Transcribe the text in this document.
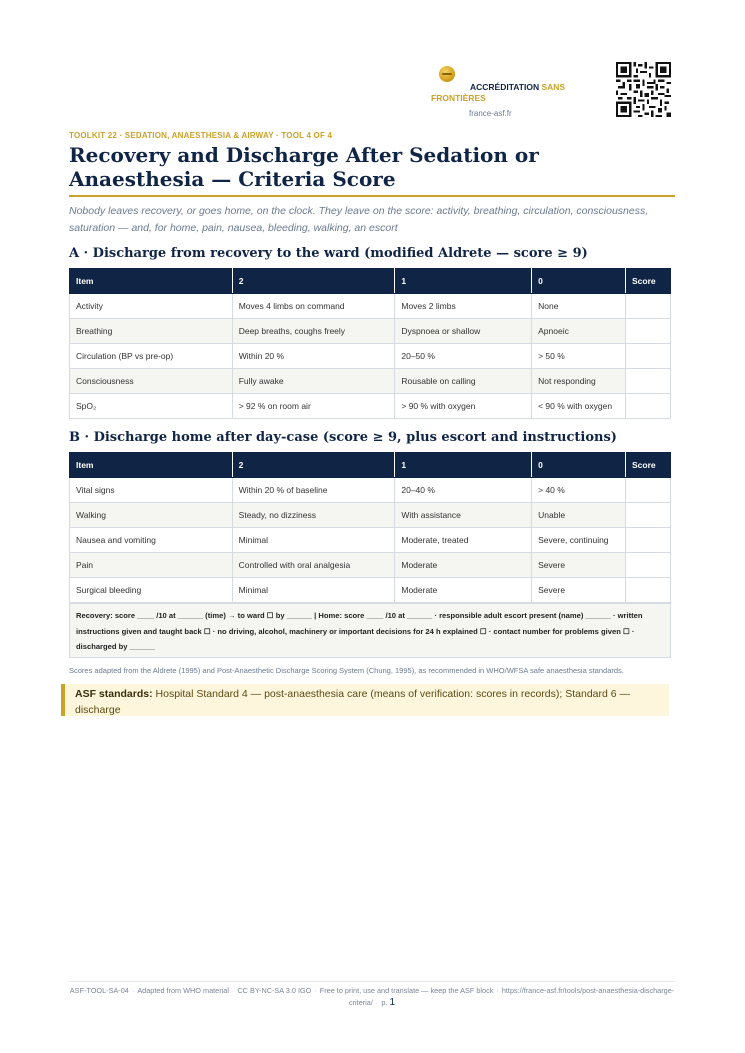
ACCRÉDITATION SANS FRONTIÈRES
france-asf.fr
TOOLKIT 22 · SEDATION, ANAESTHESIA & AIRWAY · TOOL 4 OF 4
Recovery and Discharge After Sedation or Anaesthesia — Criteria Score

Nobody leaves recovery, or goes home, on the clock. They leave on the score: activity, breathing, circulation, consciousness, saturation — and, for home, pain, nausea, bleeding, walking, an escort

A · Discharge from recovery to the ward (modified Aldrete — score ≥ 9)
Item	2	1	0	Score
Activity	Moves 4 limbs on command	Moves 2 limbs	None	
Breathing	Deep breaths, coughs freely	Dyspnoea or shallow	Apnoeic	
Circulation (BP vs pre-op)	Within 20 %	20–50 %	> 50 %	
Consciousness	Fully awake	Rousable on calling	Not responding	
SpO₂	> 92 % on room air	> 90 % with oxygen	< 90 % with oxygen	
B · Discharge home after day-case (score ≥ 9, plus escort and instructions)
Item	2	1	0	Score
Vital signs	Within 20 % of baseline	20–40 %	> 40 %	
Walking	Steady, no dizziness	With assistance	Unable	
Nausea and vomiting	Minimal	Moderate, treated	Severe, continuing	
Pain	Controlled with oral analgesia	Moderate	Severe	
Surgical bleeding	Minimal	Moderate	Severe	
Recovery: score ____ /10 at ______ (time) → to ward ☐ by ______ | Home: score ____ /10 at ______ · responsible adult escort present (name) ______ · written instructions given and taught back ☐ · no driving, alcohol, machinery or important decisions for 24 h explained ☐ · contact number for problems given ☐ · discharged by ______
Scores adapted from the Aldrete (1995) and Post-Anaesthetic Discharge Scoring System (Chung, 1995), as recommended in WHO/WFSA safe anaesthesia standards.
ASF standards: Hospital Standard 4 — post-anaesthesia care (means of verification: scores in records); Standard 6 — discharge
ASF-TOOL-SA-04 · Adapted from WHO material · CC BY-NC-SA 3.0 IGO · Free to print, use and translate — keep the ASF block · https://france-asf.fr/tools/post-anaesthesia-discharge-criteria/ · p. 1
